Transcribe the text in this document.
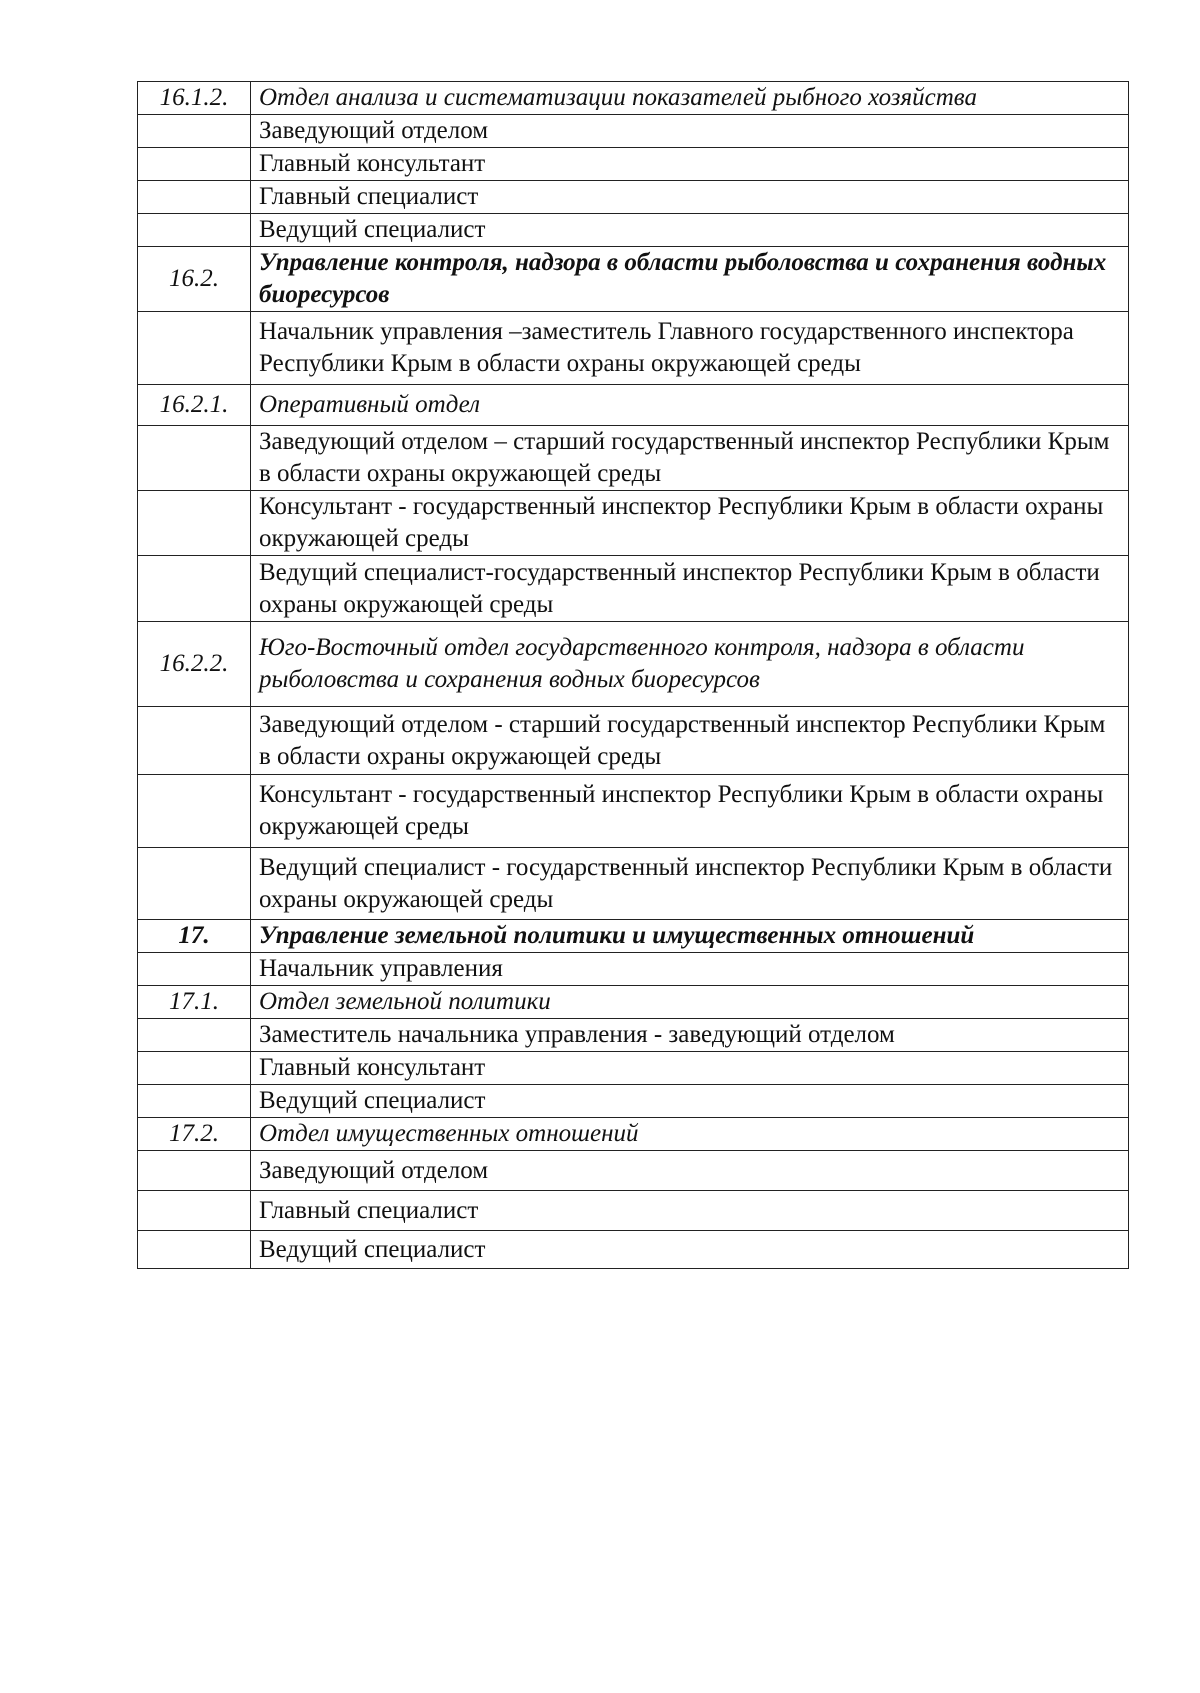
16.1.2.	Отдел анализа и систематизации показателей рыбного хозяйства
	Заведующий отделом
	Главный консультант
	Главный специалист
	Ведущий специалист
16.2.	Управление контроля, надзора в области рыболовства и сохранения водных биоресурсов
	Начальник управления –заместитель Главного государственного инспектора Республики Крым в области охраны окружающей среды
16.2.1.	Оперативный отдел
	Заведующий отделом – старший государственный инспектор Республики Крым в области охраны окружающей среды
	Консультант - государственный инспектор Республики Крым в области охраны окружающей среды
	Ведущий специалист-государственный инспектор Республики Крым в области охраны окружающей среды
16.2.2.	Юго-Восточный отдел государственного контроля, надзора в области рыболовства и сохранения водных биоресурсов
	Заведующий отделом - старший государственный инспектор Республики Крым в области охраны окружающей среды
	Консультант - государственный инспектор Республики Крым в области охраны окружающей среды
	Ведущий специалист - государственный инспектор Республики Крым в области охраны окружающей среды
17.	Управление земельной политики и имущественных отношений
	Начальник управления
17.1.	Отдел земельной политики
	Заместитель начальника управления - заведующий отделом
	Главный консультант
	Ведущий специалист
17.2.	Отдел имущественных отношений
	Заведующий отделом
	Главный специалист
	Ведущий специалист
